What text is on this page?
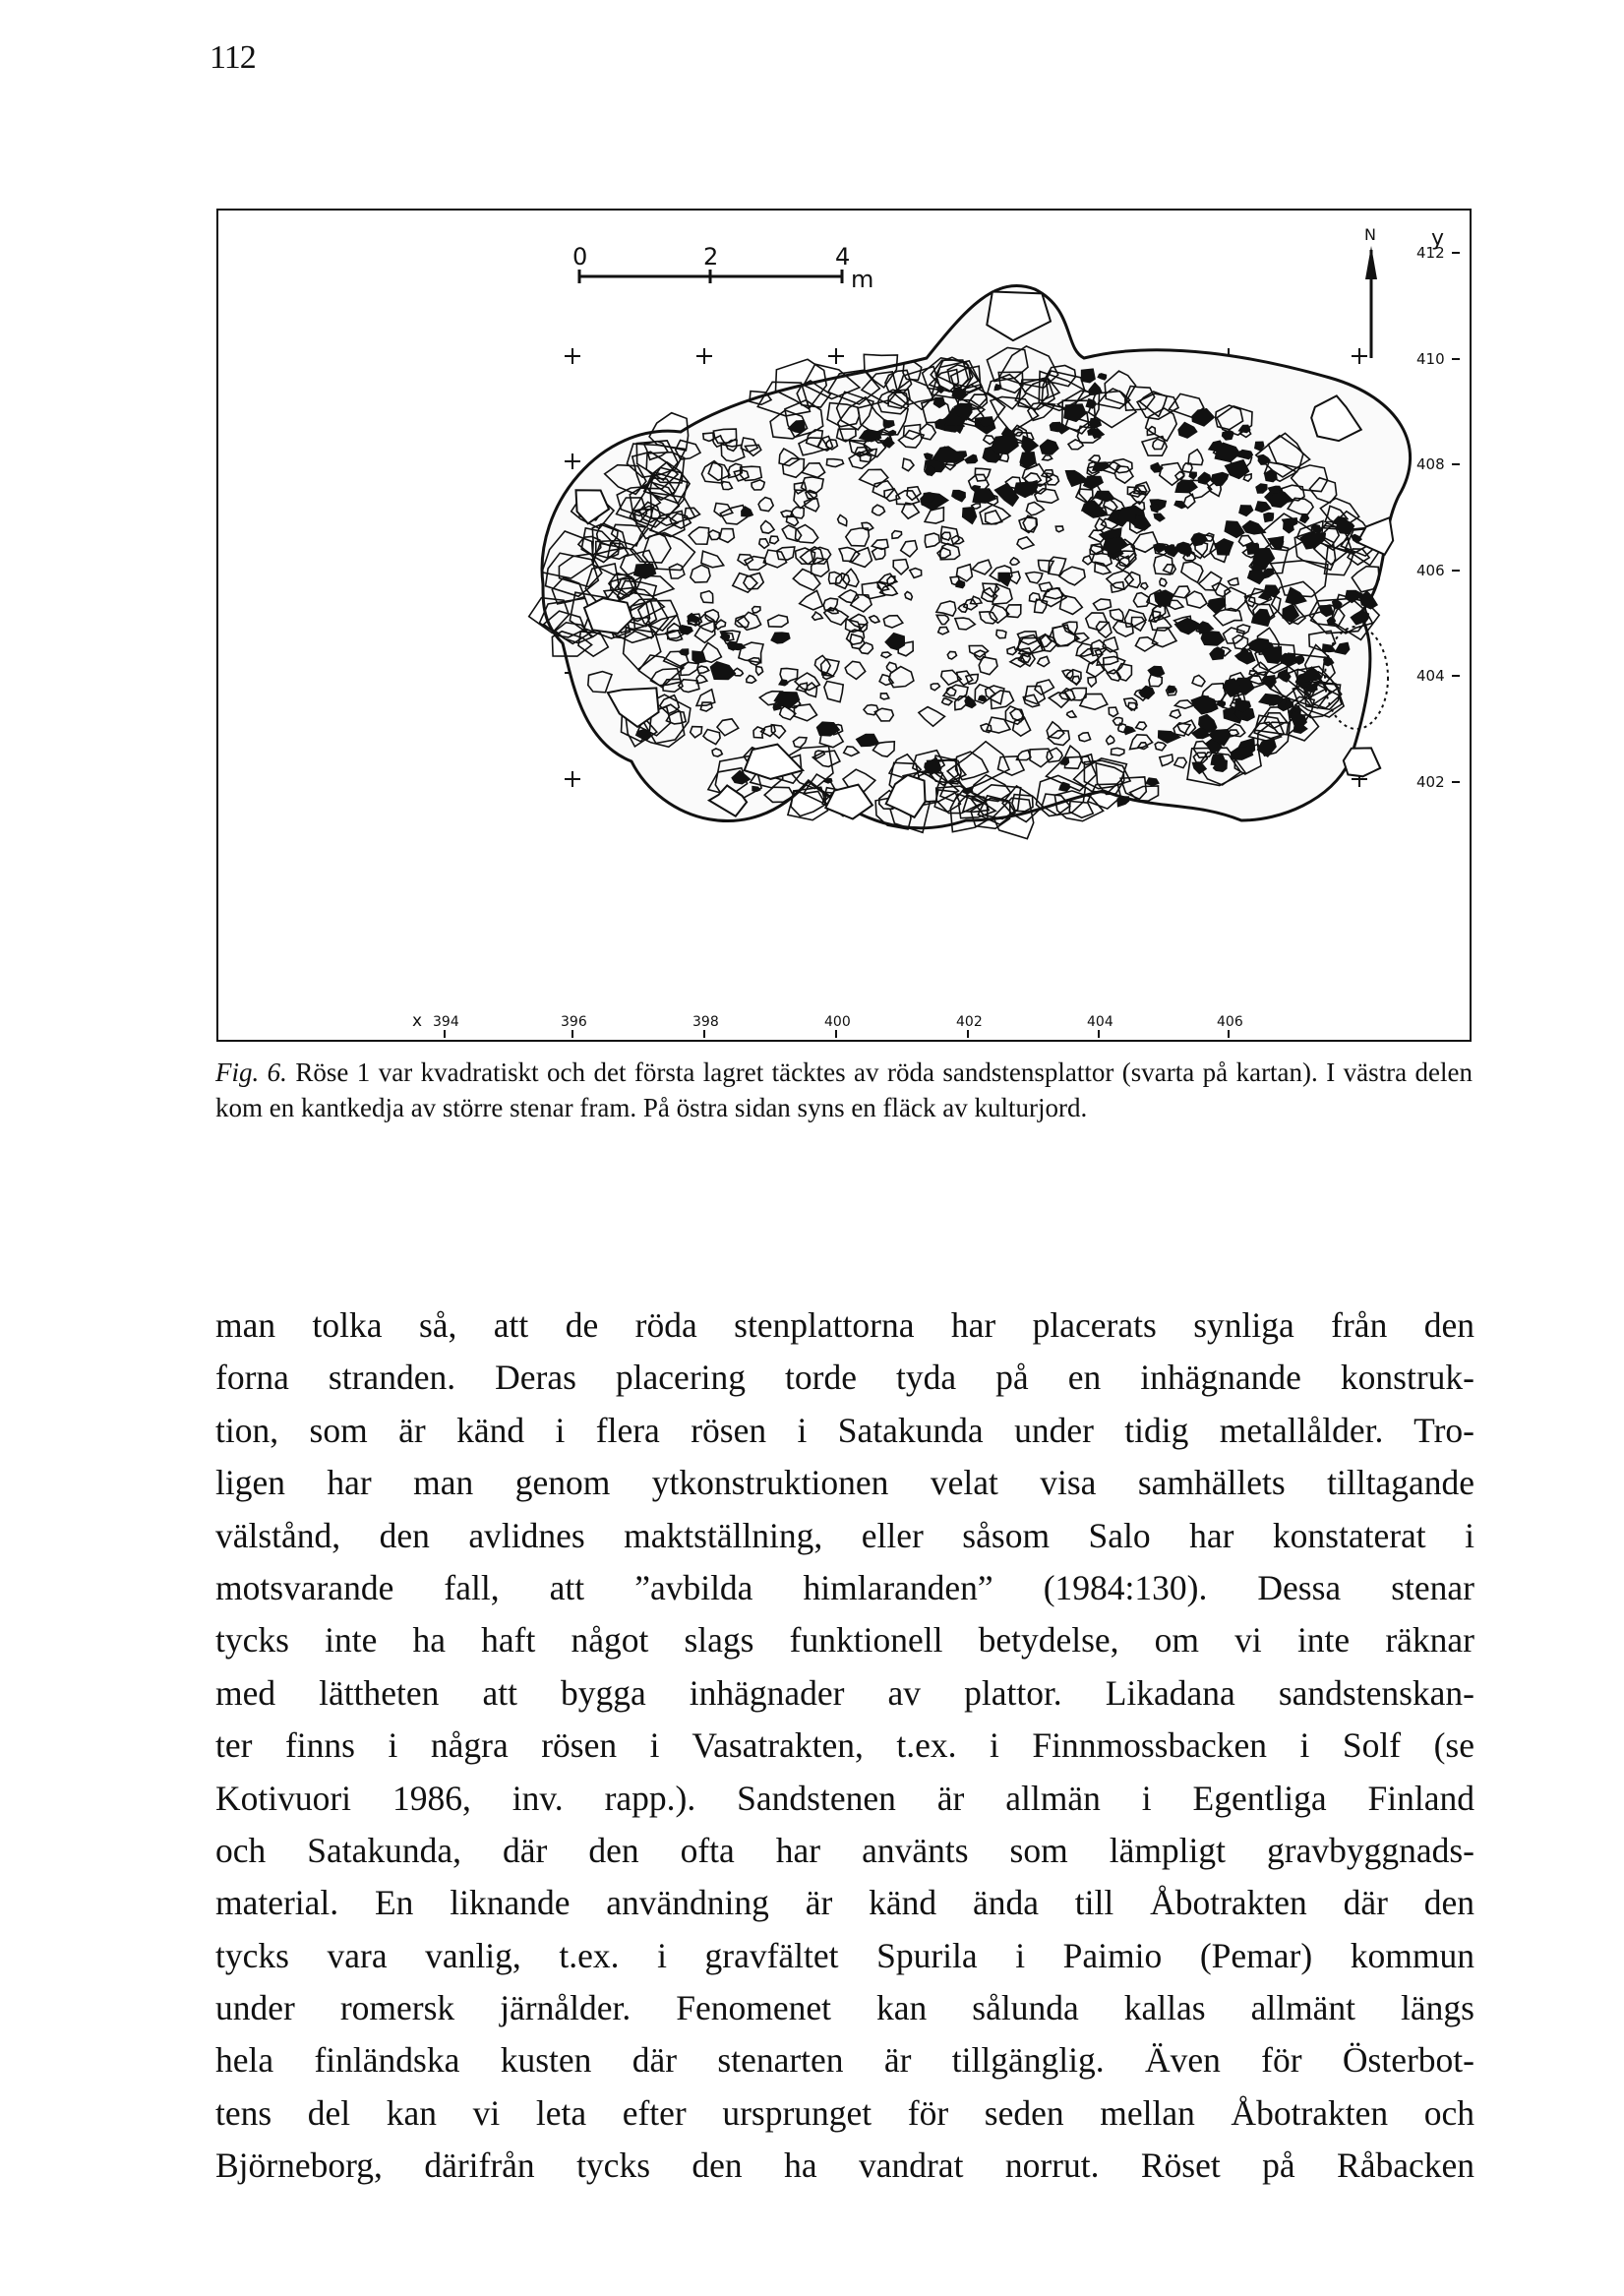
112
0	2	4
m
N	y
412
410
408
406
404
402
394	396	398	400	402	404	406
x
Fig. 6. Röse 1 var kvadratiskt och det första lagret täcktes av röda sandstensplattor (svarta på kartan). I västra delen kom en kantkedja av större stenar fram. På östra sidan syns en fläck av kulturjord.
man tolka så, att de röda stenplattorna har placerats synliga från den
forna stranden. Deras placering torde tyda på en inhägnande konstruk-
tion, som är känd i flera rösen i Satakunda under tidig metallålder. Tro-
ligen har man genom ytkonstruktionen velat visa samhällets tilltagande
välstånd, den avlidnes maktställning, eller såsom Salo har konstaterat i
motsvarande fall, att ”avbilda himlaranden” (1984:130). Dessa stenar
tycks inte ha haft något slags funktionell betydelse, om vi inte räknar
med lättheten att bygga inhägnader av plattor. Likadana sandstenskan-
ter finns i några rösen i Vasatrakten, t.ex. i Finnmossbacken i Solf (se
Kotivuori 1986, inv. rapp.). Sandstenen är allmän i Egentliga Finland
och Satakunda, där den ofta har använts som lämpligt gravbyggnads-
material. En liknande användning är känd ända till Åbotrakten där den
tycks vara vanlig, t.ex. i gravfältet Spurila i Paimio (Pemar) kommun
under romersk järnålder. Fenomenet kan sålunda kallas allmänt längs
hela finländska kusten där stenarten är tillgänglig. Även för Österbot-
tens del kan vi leta efter ursprunget för seden mellan Åbotrakten och
Björneborg, därifrån tycks den ha vandrat norrut. Röset på Råbacken
